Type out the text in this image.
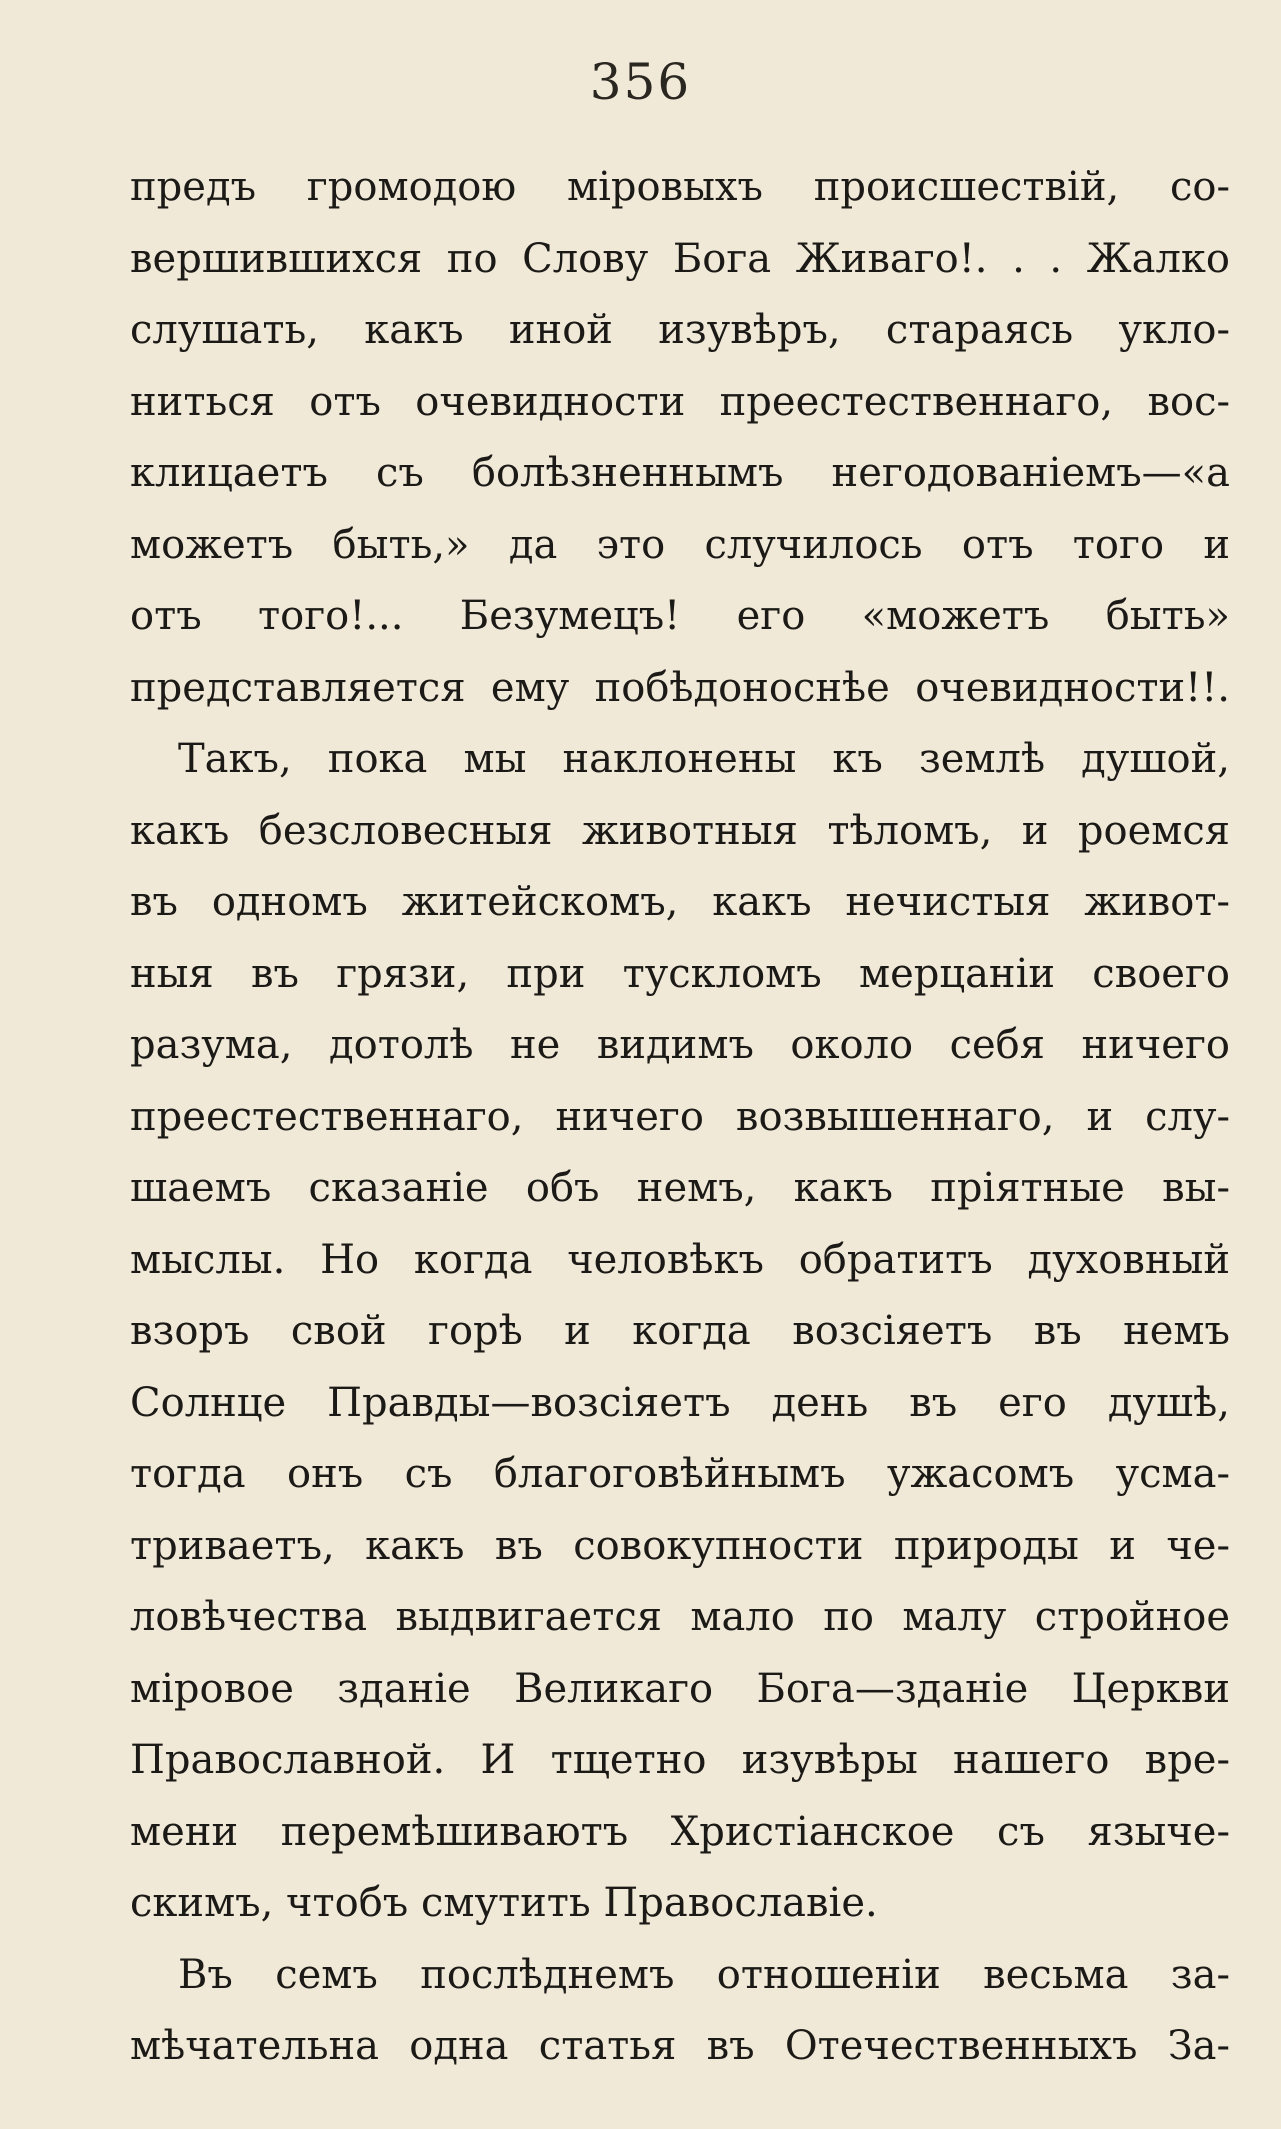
356
предъ громодою міровыхъ происшествій, со-
вершившихся по Слову Бога Живаго!. . . Жалко
слушать, какъ иной изувѣръ, стараясь укло-
ниться отъ очевидности преестественнаго, вос-
клицаетъ съ болѣзненнымъ негодованіемъ—«а
можетъ быть,» да это случилось отъ того и
отъ того!... Безумецъ! его «можетъ быть»
представляется ему побѣдоноснѣе очевидности!!.
Такъ, пока мы наклонены къ землѣ душой,
какъ безсловесныя животныя тѣломъ, и роемся
въ одномъ житейскомъ, какъ нечистыя живот-
ныя въ грязи, при тускломъ мерцаніи своего
разума, дотолѣ не видимъ около себя ничего
преестественнаго, ничего возвышеннаго, и слу-
шаемъ сказаніе объ немъ, какъ пріятные вы-
мыслы. Но когда человѣкъ обратитъ духовный
взоръ свой горѣ и когда возсіяетъ въ немъ
Солнце Правды—возсіяетъ день въ его душѣ,
тогда онъ съ благоговѣйнымъ ужасомъ усма-
триваетъ, какъ въ совокупности природы и че-
ловѣчества выдвигается мало по малу стройное
міровое зданіе Великаго Бога—зданіе Церкви
Православной. И тщетно изувѣры нашего вре-
мени перемѣшиваютъ Христіанское съ языче-
скимъ, чтобъ смутить Православіе.
Въ семъ послѣднемъ отношеніи весьма за-
мѣчательна одна статья въ Отечественныхъ За-
